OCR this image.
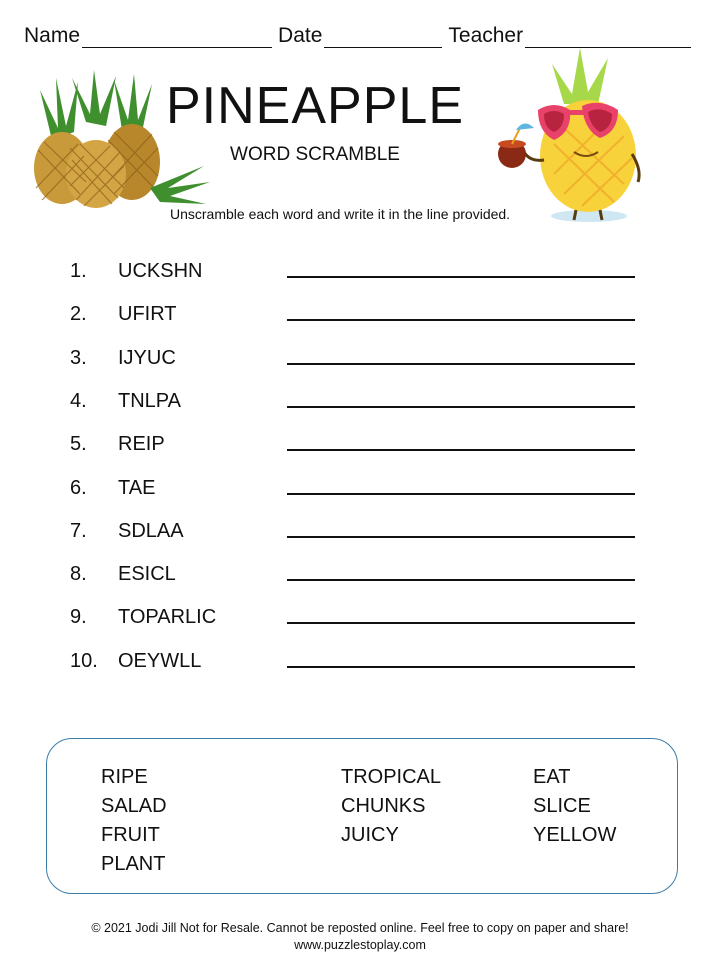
Name	Date	Teacher
PINEAPPLE
WORD SCRAMBLE
Unscramble each word and write it in the line provided.
1. UCKSHN
2. UFIRT
3. IJYUC
4. TNLPA
5. REIP
6. TAE
7. SDLAA
8. ESICL
9. TOPARLIC
10. OEYWLL
RIPE
SALAD
FRUIT
PLANT
TROPICAL
CHUNKS
JUICY
EAT
SLICE
YELLOW
© 2021 Jodi Jill Not for Resale. Cannot be reposted online. Feel free to copy on paper and share!
www.puzzlestoplay.com
